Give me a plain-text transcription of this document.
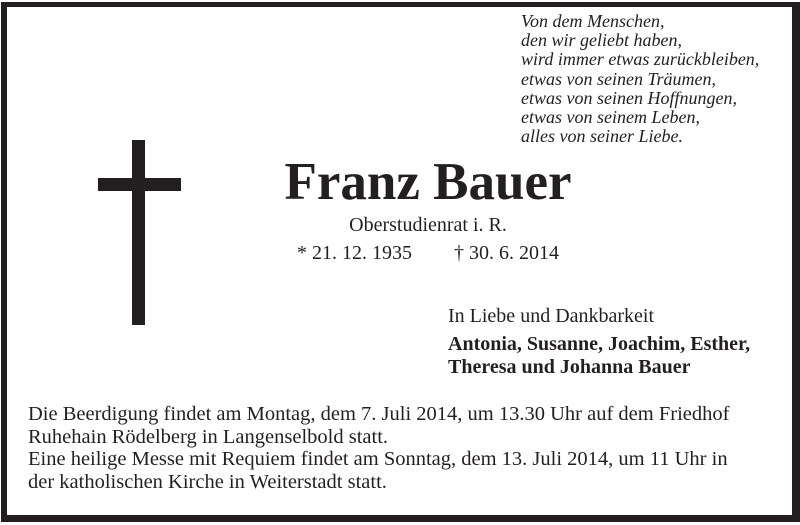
Von dem Menschen,
den wir geliebt haben,
wird immer etwas zurückbleiben,
etwas von seinen Träumen,
etwas von seinen Hoffnungen,
etwas von seinem Leben,
alles von seiner Liebe.
Franz Bauer
Oberstudienrat i. R.
* 21. 12. 1935 † 30. 6. 2014
In Liebe und Dankbarkeit
Antonia, Susanne, Joachim, Esther,
Theresa und Johanna Bauer
Die Beerdigung findet am Montag, dem 7. Juli 2014, um 13.30 Uhr auf dem Friedhof
Ruhehain Rödelberg in Langenselbold statt.
Eine heilige Messe mit Requiem findet am Sonntag, dem 13. Juli 2014, um 11 Uhr in
der katholischen Kirche in Weiterstadt statt.
